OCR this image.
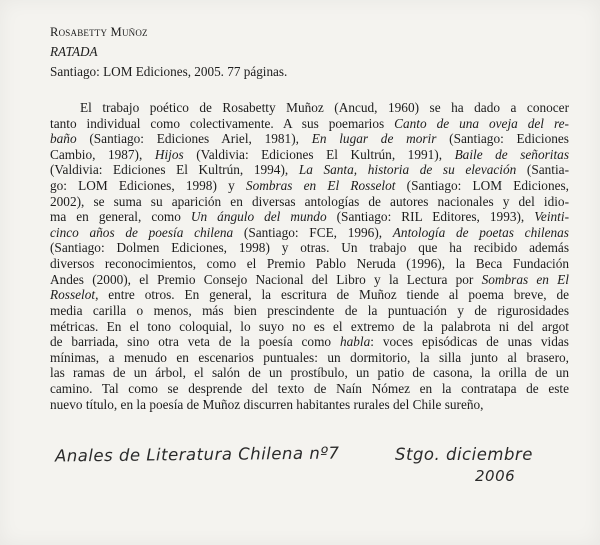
Rosabetty Muñoz
RATADA
Santiago: LOM Ediciones, 2005. 77 páginas.
El trabajo poético de Rosabetty Muñoz (Ancud, 1960) se ha dado a conocer
tanto individual como colectivamente. A sus poemarios Canto de una oveja del re-
baño (Santiago: Ediciones Ariel, 1981), En lugar de morir (Santiago: Ediciones
Cambio, 1987), Hijos (Valdivia: Ediciones El Kultrún, 1991), Baile de señoritas
(Valdivia: Ediciones El Kultrún, 1994), La Santa, historia de su elevación (Santia-
go: LOM Ediciones, 1998) y Sombras en El Rosselot (Santiago: LOM Ediciones,
2002), se suma su aparición en diversas antologías de autores nacionales y del idio-
ma en general, como Un ángulo del mundo (Santiago: RIL Editores, 1993), Veinti-
cinco años de poesía chilena (Santiago: FCE, 1996), Antología de poetas chilenas
(Santiago: Dolmen Ediciones, 1998) y otras. Un trabajo que ha recibido además
diversos reconocimientos, como el Premio Pablo Neruda (1996), la Beca Fundación
Andes (2000), el Premio Consejo Nacional del Libro y la Lectura por Sombras en El
Rosselot, entre otros. En general, la escritura de Muñoz tiende al poema breve, de
media carilla o menos, más bien prescindente de la puntuación y de rigurosidades
métricas. En el tono coloquial, lo suyo no es el extremo de la palabrota ni del argot
de barriada, sino otra veta de la poesía como habla: voces episódicas de unas vidas
mínimas, a menudo en escenarios puntuales: un dormitorio, la silla junto al brasero,
las ramas de un árbol, el salón de un prostíbulo, un patio de casona, la orilla de un
camino. Tal como se desprende del texto de Naín Nómez en la contratapa de este
nuevo título, en la poesía de Muñoz discurren habitantes rurales del Chile sureño,
Anales de Literatura Chilena nº7	Stgo. diciembre
2006
